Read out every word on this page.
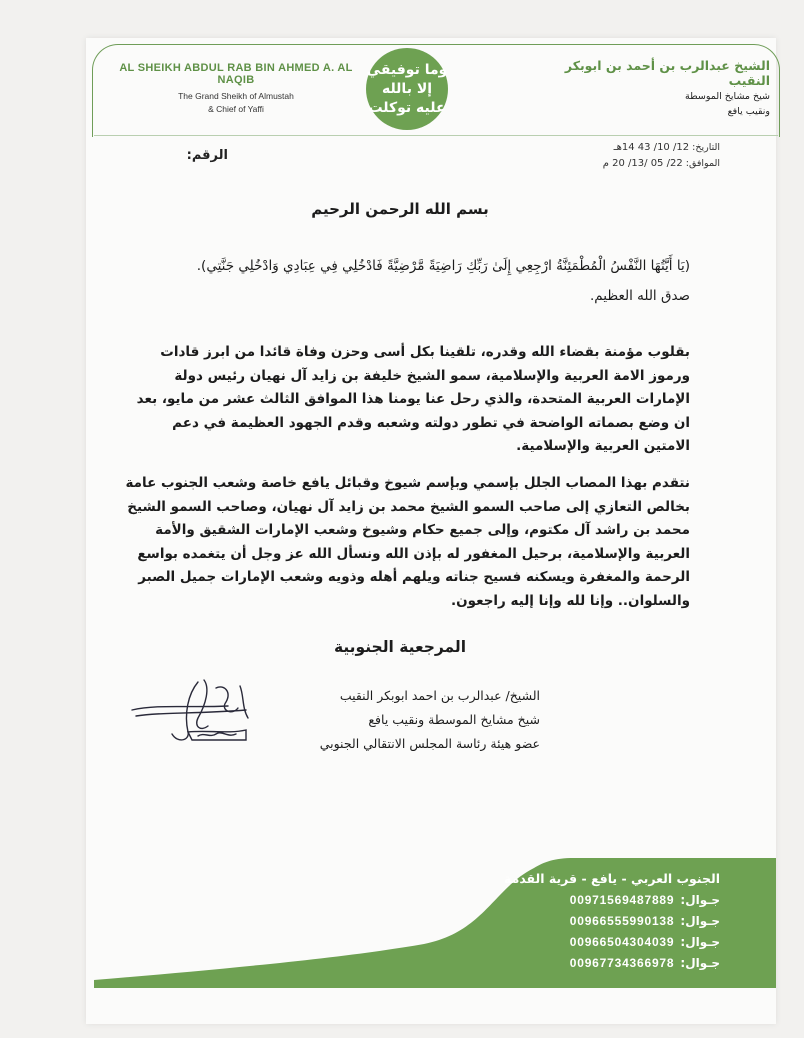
AL SHEIKH ABDUL RAB BIN AHMED A. AL NAQIB
The Grand Sheikh of Almustah
& Chief of Yaffi
وما توفيقي
إلا بالله
عليه توكلت
الشيخ عبدالرب بن أحمد بن ابوبكر النقيب
شيخ مشايخ الموسطة
ونقيب يافع
التاريخ: 12/ 10/ 43 14هـ
الموافق: 22/ 05 /13/ 20 م
الرقم:
بسم الله الرحمن الرحيم
(يَا أَيَّتُهَا النَّفْسُ الْمُطْمَئِنَّةُ ارْجِعِي إِلَىٰ رَبِّكِ رَاضِيَةً مَّرْضِيَّةً فَادْخُلِي فِي عِبَادِي وَادْخُلِي جَنَّتِي).
صدق الله العظيم.
بقلوب مؤمنة بقضاء الله وقدره، تلقينا بكل أسى وحزن وفاة قائدا من ابرز قادات ورموز الامة العربية والإسلامية، سمو الشيخ خليفة بن زايد آل نهيان رئيس دولة الإمارات العربية المتحدة، والذي رحل عنا يومنا هذا الموافق الثالث عشر من مايو، بعد ان وضع بصماته الواضحة في تطور دولته وشعبه وقدم الجهود العظيمة في دعم الامتين العربية والإسلامية.
نتقدم بهذا المصاب الجلل بإسمي وبإسم شيوخ وقبائل يافع خاصة وشعب الجنوب عامة بخالص التعازي إلى صاحب السمو الشيخ محمد بن زايد آل نهيان، وصاحب السمو الشيخ محمد بن راشد آل مكتوم، وإلى جميع حكام وشيوخ وشعب الإمارات الشقيق والأمة العربية والإسلامية، برحيل المغفور له بإذن الله ونسأل الله عز وجل أن يتغمده بواسع الرحمة والمغفرة ويسكنه فسيح جناته ويلهم أهله وذويه وشعب الإمارات جميل الصبر والسلوان.. وإنا لله وإنا إليه راجعون.
المرجعية الجنوبية
الشيخ/ عبدالرب بن احمد ابوبكر النقيب
شيخ مشايخ الموسطة ونقيب يافع
عضو هيئة رئاسة المجلس الانتقالي الجنوبي
الجنوب العربي - يافع - قرية القدمة
جـوال:
00971569487889
جـوال:
00966555990138
جـوال:
00966504304039
جـوال:
00967734366978
